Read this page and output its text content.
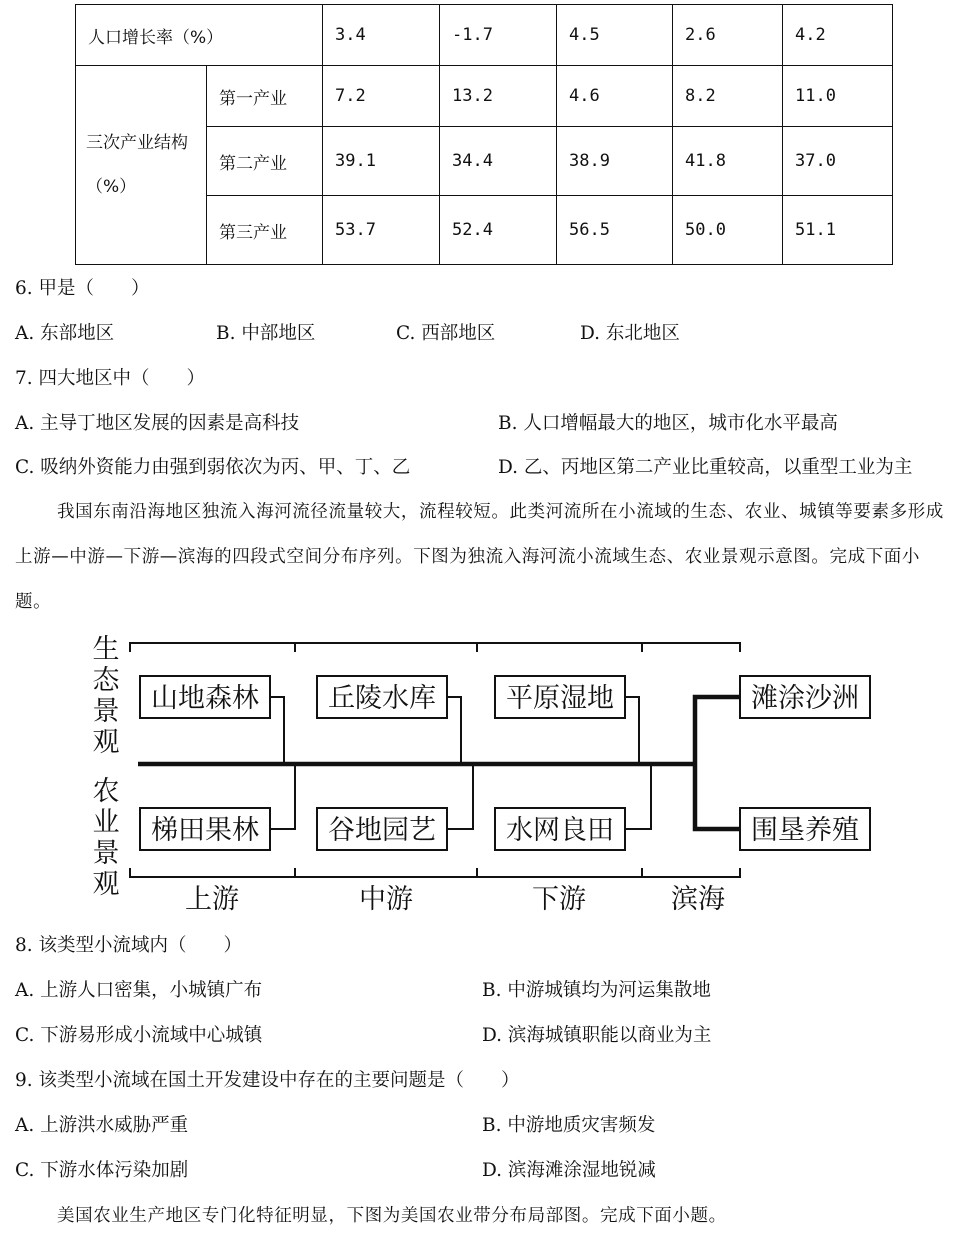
人口增长率（%）		3.4	-1.7	4.5	2.6	4.2
三次产业结构（%）	第一产业	7.2	13.2	4.6	8.2	11.0
	第二产业	39.1	34.4	38.9	41.8	37.0
	第三产业	53.7	52.4	56.5	50.0	51.1
6. 甲是（　　）
A. 东部地区	B. 中部地区	C. 西部地区	D. 东北地区
7. 四大地区中（　　）
A. 主导丁地区发展的因素是高科技	B. 人口增幅最大的地区，城市化水平最高
C. 吸纳外资能力由强到弱依次为丙、甲、丁、乙	D. 乙、丙地区第二产业比重较高，以重型工业为主
我国东南沿海地区独流入海河流径流量较大，流程较短。此类河流所在小流域的生态、农业、城镇等要素多形成上游—中游—下游—滨海的四段式空间分布序列。下图为独流入海河流小流域生态、农业景观示意图。完成下面小题。
生
态
景
观
农
业
景
观
山地森林	丘陵水库	平原湿地	滩涂沙洲
梯田果林	谷地园艺	水网良田	围垦养殖
上游	中游	下游	滨海
8. 该类型小流域内（　　）
A. 上游人口密集，小城镇广布	B. 中游城镇均为河运集散地
C. 下游易形成小流域中心城镇	D. 滨海城镇职能以商业为主
9. 该类型小流域在国土开发建设中存在的主要问题是（　　）
A. 上游洪水威胁严重	B. 中游地质灾害频发
C. 下游水体污染加剧	D. 滨海滩涂湿地锐减
美国农业生产地区专门化特征明显，下图为美国农业带分布局部图。完成下面小题。
